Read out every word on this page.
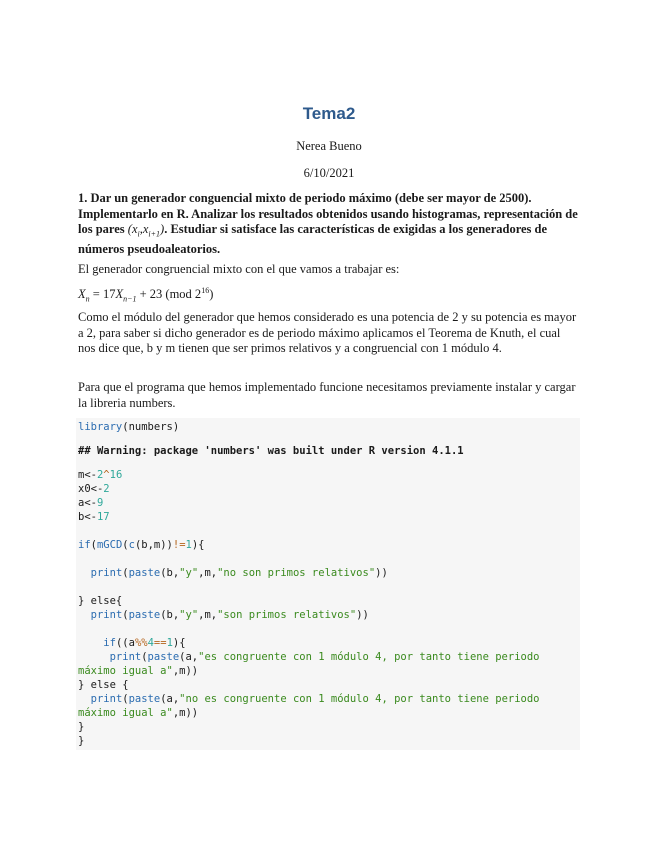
Tema2
Nerea Bueno
6/10/2021
1. Dar un generador conguencial mixto de periodo máximo (debe ser mayor de 2500). Implementarlo en R. Analizar los resultados obtenidos usando histogramas, representación de los pares $(x_i,x_{i+1})$. Estudiar si satisface las características de exigidas a los generadores de números pseudoaleatorios.
El generador congruencial mixto con el que vamos a trabajar es:
$X_n = 17X_{n-1} + 23$ (mod $2^{16}$)
Como el módulo del generador que hemos considerado es una potencia de 2 y su potencia es mayor a 2, para saber si dicho generador es de periodo máximo aplicamos el Teorema de Knuth, el cual nos dice que, b y m tienen que ser primos relativos y a congruencial con 1 módulo 4.
Para que el programa que hemos implementado funcione necesitamos previamente instalar y cargar la libreria numbers.
library(numbers)
## Warning: package 'numbers' was built under R version 4.1.1
m<-2^16
x0<-2
a<-9
b<-17
if(mGCD(c(b,m))!=1){
print(paste(b,"y",m,"no son primos relativos"))
} else{
print(paste(b,"y",m,"son primos relativos"))
if((a%%4==1){
print(paste(a,"es congruente con 1 módulo 4, por tanto tiene periodo
máximo igual a",m))
} else {
print(paste(a,"no es congruente con 1 módulo 4, por tanto tiene periodo
máximo igual a",m))
}
}
